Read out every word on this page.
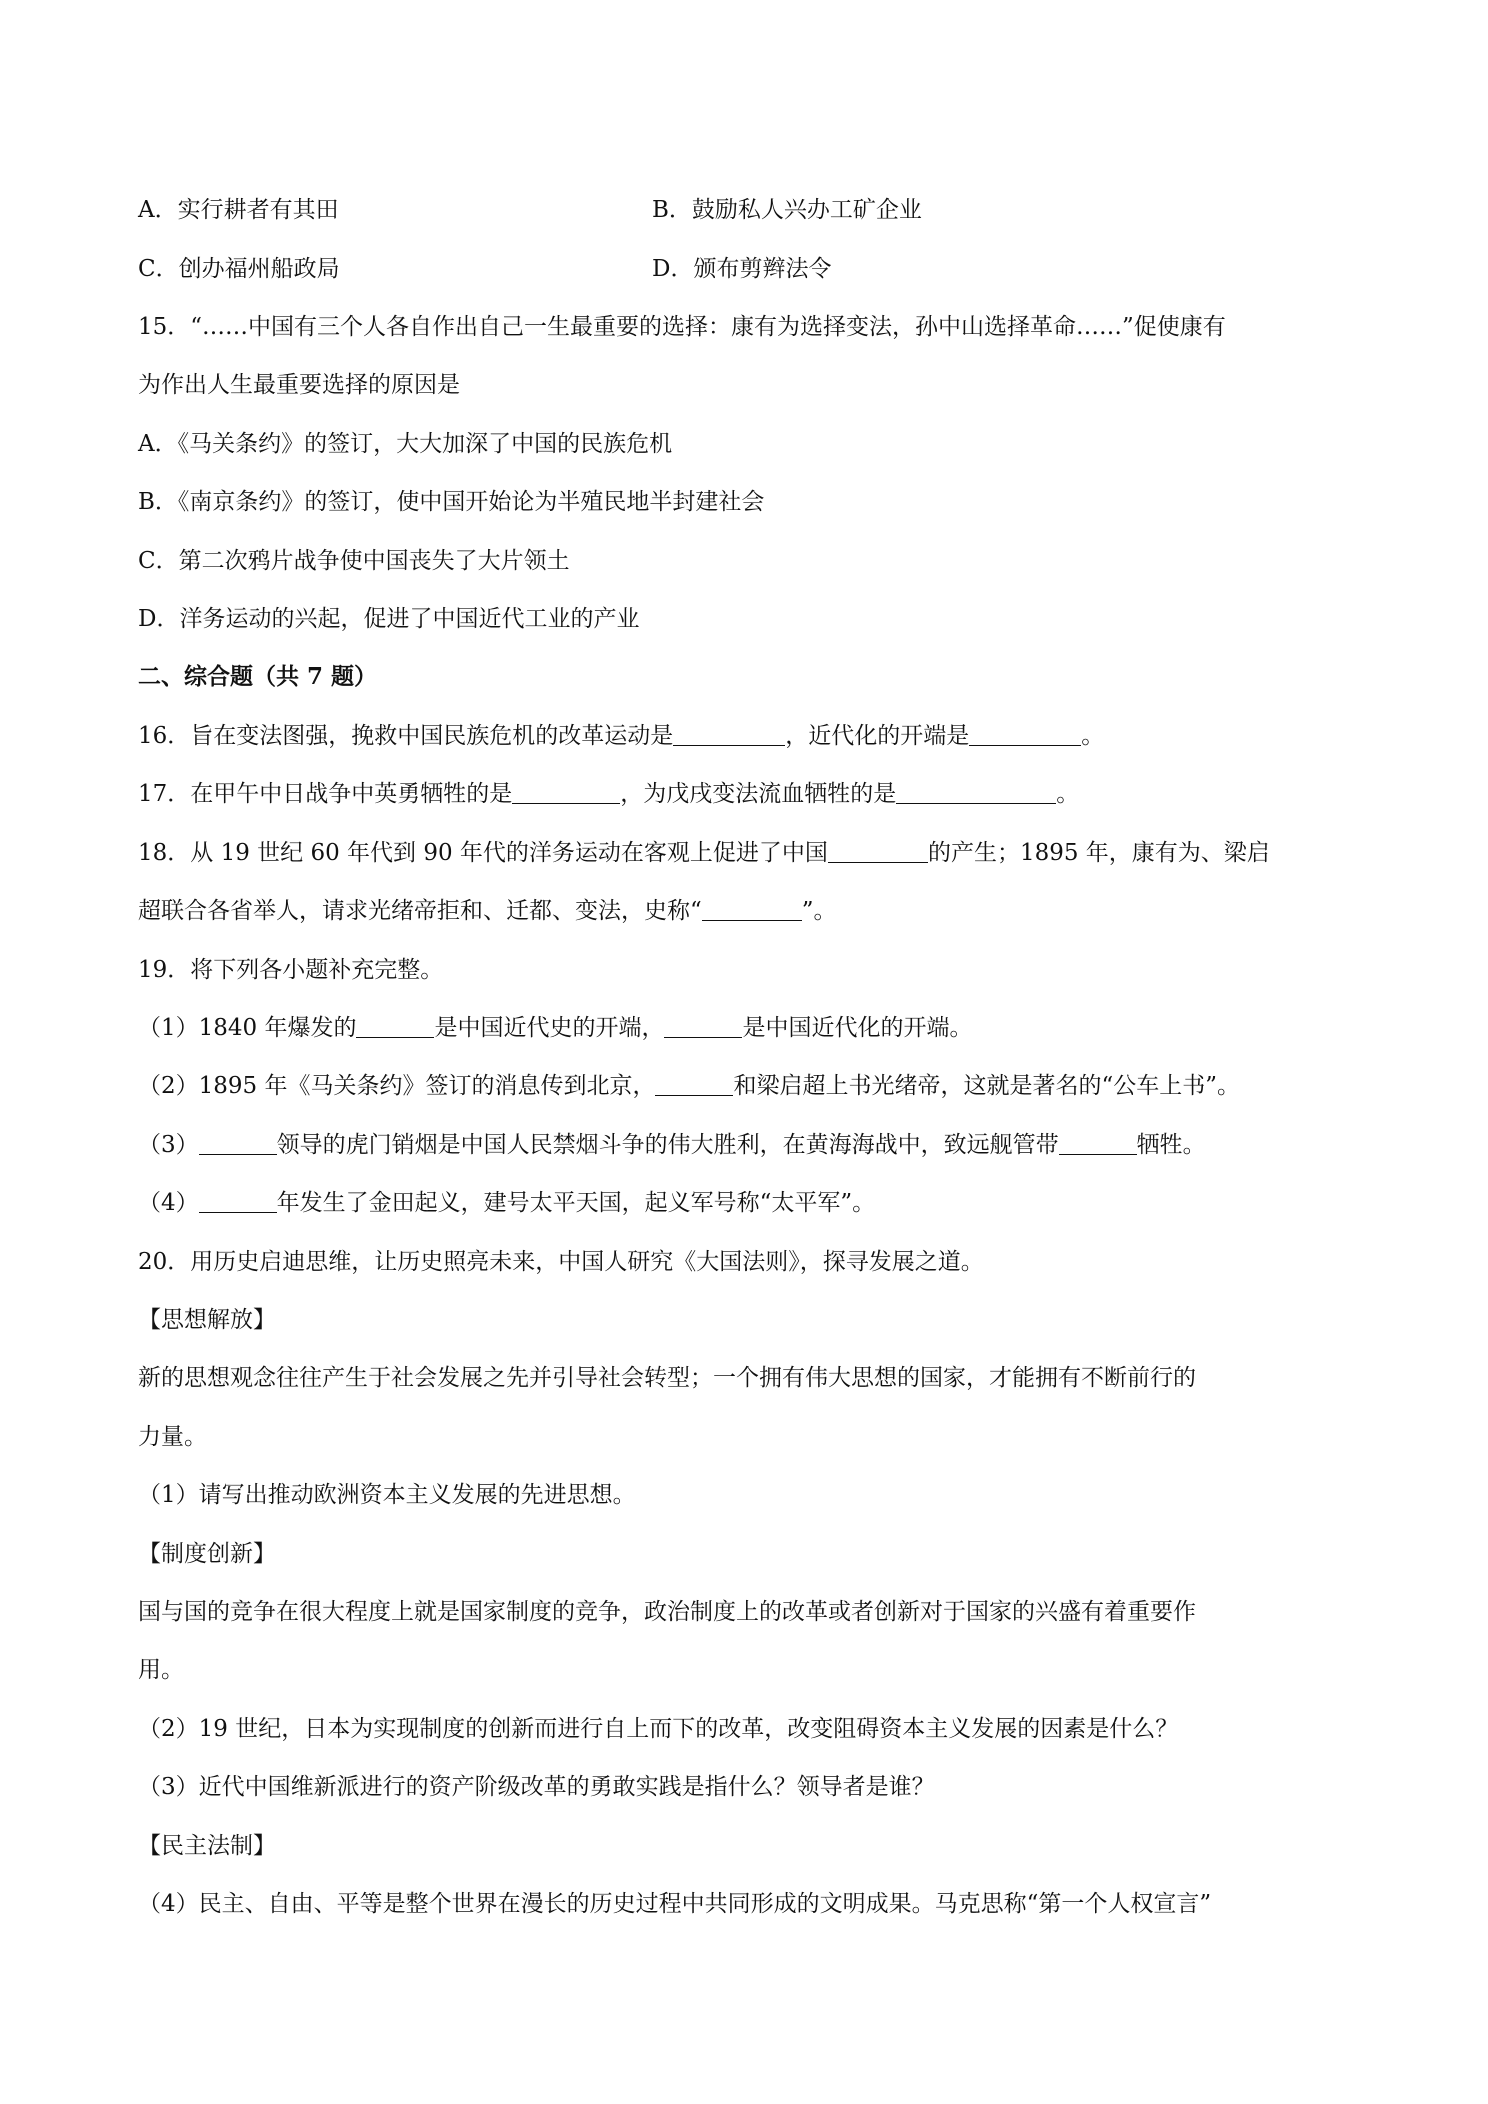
A．实行耕者有其田	B．鼓励私人兴办工矿企业
C．创办福州船政局	D．颁布剪辫法令
15．“……中国有三个人各自作出自己一生最重要的选择：康有为选择变法，孙中山选择革命……”促使康有
为作出人生最重要选择的原因是
A．《马关条约》的签订，大大加深了中国的民族危机
B．《南京条约》的签订，使中国开始论为半殖民地半封建社会
C．第二次鸦片战争使中国丧失了大片领土
D．洋务运动的兴起，促进了中国近代工业的产业
二、综合题（共 7 题）
16．旨在变法图强，挽救中国民族危机的改革运动是	，近代化的开端是	。
17．在甲午中日战争中英勇牺牲的是	，为戊戌变法流血牺牲的是	。
18．从 19 世纪 60 年代到 90 年代的洋务运动在客观上促进了中国	的产生；1895 年，康有为、梁启
超联合各省举人，请求光绪帝拒和、迁都、变法，史称“	”。
19．将下列各小题补充完整。
（1）1840 年爆发的	是中国近代史的开端，	是中国近代化的开端。
（2）1895 年《马关条约》签订的消息传到北京，	和梁启超上书光绪帝，这就是著名的“公车上书”。
（3）	领导的虎门销烟是中国人民禁烟斗争的伟大胜利，在黄海海战中，致远舰管带	牺牲。
（4）	年发生了金田起义，建号太平天国，起义军号称“太平军”。
20．用历史启迪思维，让历史照亮未来，中国人研究《大国法则》，探寻发展之道。
【思想解放】
新的思想观念往往产生于社会发展之先并引导社会转型；一个拥有伟大思想的国家，才能拥有不断前行的
力量。
（1）请写出推动欧洲资本主义发展的先进思想。
【制度创新】
国与国的竞争在很大程度上就是国家制度的竞争，政治制度上的改革或者创新对于国家的兴盛有着重要作
用。
（2）19 世纪，日本为实现制度的创新而进行自上而下的改革，改变阻碍资本主义发展的因素是什么？
（3）近代中国维新派进行的资产阶级改革的勇敢实践是指什么？领导者是谁？
【民主法制】
（4）民主、自由、平等是整个世界在漫长的历史过程中共同形成的文明成果。马克思称“第一个人权宣言”
